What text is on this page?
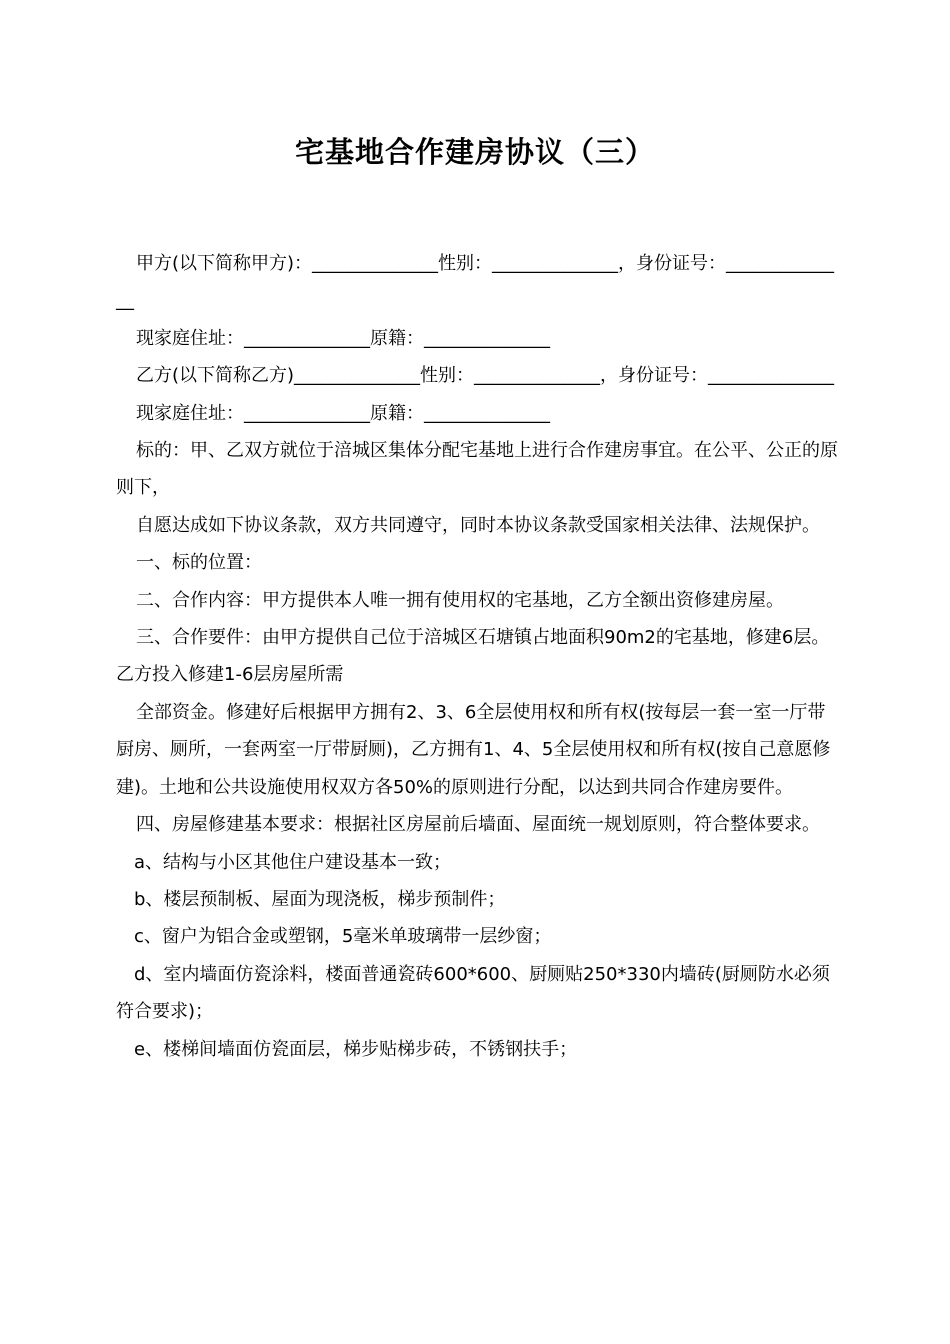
宅基地合作建房协议（三）

甲方(以下简称甲方)：______________性别：______________，身份证号：______________

现家庭住址：______________原籍：______________

乙方(以下简称乙方)______________性别：______________，身份证号：______________

现家庭住址：______________原籍：______________

标的：甲、乙双方就位于涪城区集体分配宅基地上进行合作建房事宜。在公平、公正的原则下，

自愿达成如下协议条款，双方共同遵守，同时本协议条款受国家相关法律、法规保护。

一、标的位置：

二、合作内容：甲方提供本人唯一拥有使用权的宅基地，乙方全额出资修建房屋。

三、合作要件：由甲方提供自己位于涪城区石塘镇占地面积90m2的宅基地，修建6层。乙方投入修建1-6层房屋所需

全部资金。修建好后根据甲方拥有2、3、6全层使用权和所有权(按每层一套一室一厅带厨房、厕所，一套两室一厅带厨厕)，乙方拥有1、4、5全层使用权和所有权(按自己意愿修建)。土地和公共设施使用权双方各50%的原则进行分配，以达到共同合作建房要件。

四、房屋修建基本要求：根据社区房屋前后墙面、屋面统一规划原则，符合整体要求。

a、结构与小区其他住户建设基本一致；

b、楼层预制板、屋面为现浇板，梯步预制件；

c、窗户为铝合金或塑钢，5毫米单玻璃带一层纱窗；

d、室内墙面仿瓷涂料，楼面普通瓷砖600*600、厨厕贴250*330内墙砖(厨厕防水必须符合要求)；

e、楼梯间墙面仿瓷面层，梯步贴梯步砖，不锈钢扶手；
